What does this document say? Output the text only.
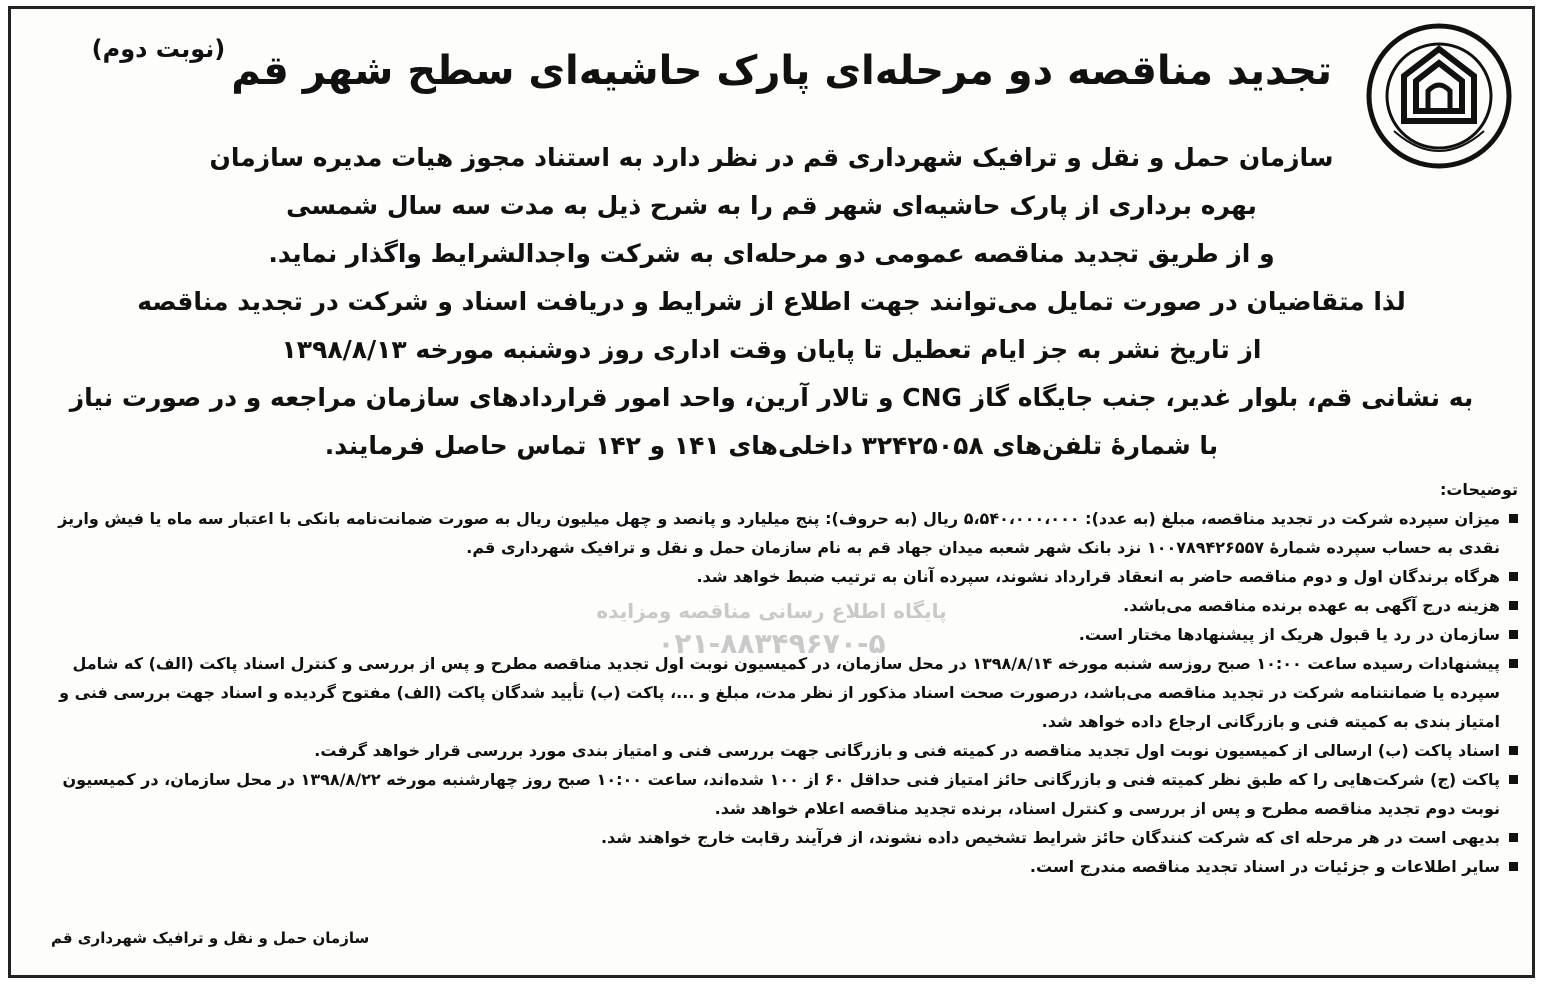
تجدید مناقصه دو مرحله‌ای پارک حاشیه‌ای سطح شهر قم
(نوبت دوم)

سازمان حمل و نقل و ترافیک شهرداری قم در نظر دارد به استناد مجوز هیات مدیره سازمان

بهره برداری از پارک حاشیه‌ای شهر قم را به شرح ذیل به مدت سه سال شمسی

و از طریق تجدید مناقصه عمومی دو مرحله‌ای به شرکت واجدالشرایط واگذار نماید.

لذا متقاضیان در صورت تمایل می‌توانند جهت اطلاع از شرایط و دریافت اسناد و شرکت در تجدید مناقصه

از تاریخ نشر به جز ایام تعطیل تا پایان وقت اداری روز دوشنبه مورخه ۱۳۹۸/۸/۱۳

به نشانی قم، بلوار غدیر، جنب جایگاه گاز CNG و تالار آرین، واحد امور قراردادهای سازمان مراجعه و در صورت نیاز

با شمارهٔ تلفن‌های ۳۲۴۲۵۰۵۸ داخلی‌های ۱۴۱ و ۱۴۲ تماس حاصل فرمایند.

پایگاه اطلاع رسانی مناقصه ومزایده
۰۲۱-۸۸۳۴۹۶۷۰-۵

توضیحات:

میزان سپرده شرکت در تجدید مناقصه، مبلغ (به عدد): ۵،۵۴۰،۰۰۰،۰۰۰ ریال (به حروف): پنج میلیارد و پانصد و چهل میلیون ریال به صورت ضمانت‌نامه بانکی با اعتبار سه ماه یا فیش واریز نقدی به حساب سپرده شمارهٔ ۱۰۰۷۸۹۴۲۶۵۵۷ نزد بانک شهر شعبه میدان جهاد قم به نام سازمان حمل و نقل و ترافیک شهرداری قم.
هرگاه برندگان اول و دوم مناقصه حاضر به انعقاد قرارداد نشوند، سپرده آنان به ترتیب ضبط خواهد شد.
هزینه درج آگهی به عهده برنده مناقصه می‌باشد.
سازمان در رد یا قبول هریک از پیشنهادها مختار است.
پیشنهادات رسیده ساعت ۱۰:۰۰ صبح روزسه شنبه مورخه ۱۳۹۸/۸/۱۴ در محل سازمان، در کمیسیون نوبت اول تجدید مناقصه مطرح و پس از بررسی و کنترل اسناد پاکت (الف) که شامل سپرده یا ضمانتنامه شرکت در تجدید مناقصه می‌باشد، درصورت صحت اسناد مذکور از نظر مدت، مبلغ و ...، پاکت (ب) تأیید شدگان پاکت (الف) مفتوح گردیده و اسناد جهت بررسی فنی و امتیاز بندی به کمیته فنی و بازرگانی ارجاع داده خواهد شد.
اسناد پاکت (ب) ارسالی از کمیسیون نوبت اول تجدید مناقصه در کمیته فنی و بازرگانی جهت بررسی فنی و امتیاز بندی مورد بررسی قرار خواهد گرفت.
پاکت (ج) شرکت‌هایی را که طبق نظر کمیته فنی و بازرگانی حائز امتیاز فنی حداقل ۶۰ از ۱۰۰ شده‌اند، ساعت ۱۰:۰۰ صبح روز چهارشنبه مورخه ۱۳۹۸/۸/۲۲ در محل سازمان، در کمیسیون نوبت دوم تجدید مناقصه مطرح و پس از بررسی و کنترل اسناد، برنده تجدید مناقصه اعلام خواهد شد.
بدیهی است در هر مرحله ای که شرکت کنندگان حائز شرایط تشخیص داده نشوند، از فرآیند رقابت خارج خواهند شد.
سایر اطلاعات و جزئیات در اسناد تجدید مناقصه مندرج است.
سازمان حمل و نقل و ترافیک شهرداری قم
